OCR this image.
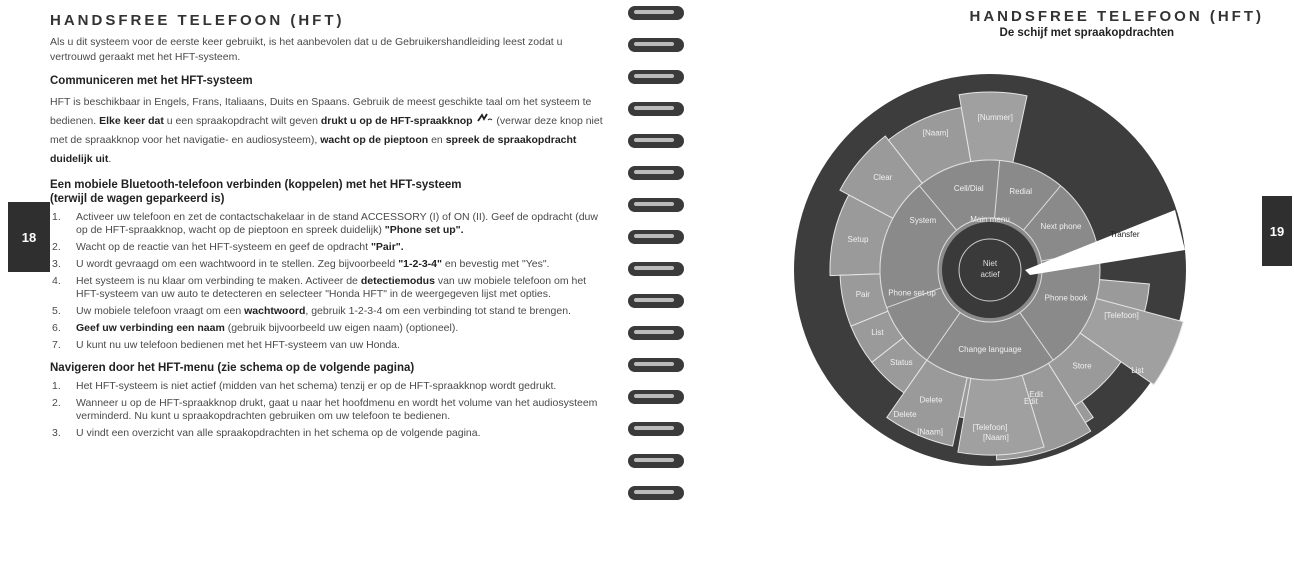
HANDSFREE TELEFOON (HFT)

Als u dit systeem voor de eerste keer gebruikt, is het aanbevolen dat u de Gebruikershandleiding leest zodat u vertrouwd geraakt met het HFT-systeem.

Communiceren met het HFT-systeem

HFT is beschikbaar in Engels, Frans, Italiaans, Duits en Spaans. Gebruik de meest geschikte taal om het systeem te bedienen. Elke keer dat u een spraakopdracht wilt geven drukt u op de HFT-spraakknop (verwar deze knop niet met de spraakknop voor het navigatie- en audiosysteem), wacht op de pieptoon en spreek de spraakopdracht duidelijk uit.

Een mobiele Bluetooth-telefoon verbinden (koppelen) met het HFT-systeem
(terwijl de wagen geparkeerd is)
1. Activeer uw telefoon en zet de contactschakelaar in de stand ACCESSORY (I) of ON (II). Geef de opdracht (duw op de HFT-spraakknop, wacht op de pieptoon en spreek duidelijk) "Phone set up".
2. Wacht op de reactie van het HFT-systeem en geef de opdracht "Pair".
3. U wordt gevraagd om een wachtwoord in te stellen. Zeg bijvoorbeeld "1-2-3-4" en bevestig met "Yes".
4. Het systeem is nu klaar om verbinding te maken. Activeer de detectiemodus van uw mobiele telefoon om het HFT-systeem van uw auto te detecteren en selecteer "Honda HFT" in de weergegeven lijst met opties.
5. Uw mobiele telefoon vraagt om een wachtwoord, gebruik 1-2-3-4 om een verbinding tot stand te brengen.
6. Geef uw verbinding een naam (gebruik bijvoorbeeld uw eigen naam) (optioneel).
7. U kunt nu uw telefoon bedienen met het HFT-systeem van uw Honda.
Navigeren door het HFT-menu (zie schema op de volgende pagina)
1. Het HFT-systeem is niet actief (midden van het schema) tenzij er op de HFT-spraakknop wordt gedrukt.
2. Wanneer u op de HFT-spraakknop drukt, gaat u naar het hoofdmenu en wordt het volume van het audiosysteem verminderd. Nu kunt u spraakopdrachten gebruiken om uw telefoon te bedienen.
3. U vindt een overzicht van alle spraakopdrachten in het schema op de volgende pagina.
18
HANDSFREE TELEFOON (HFT)
De schijf met spraakopdrachten
19
Transfer
Niet
actief
Main menu
System
Cell/Dial	Redial
Next phone
Phone book
Change language
Phone set-up
Clear
[Naam]
[Nummer]
Setup
Pair
List
Status
Delete
Edit
[Telefoon]
[Telefoon]
Store
Edit
[Naam]
Delete
List
[Naam]
